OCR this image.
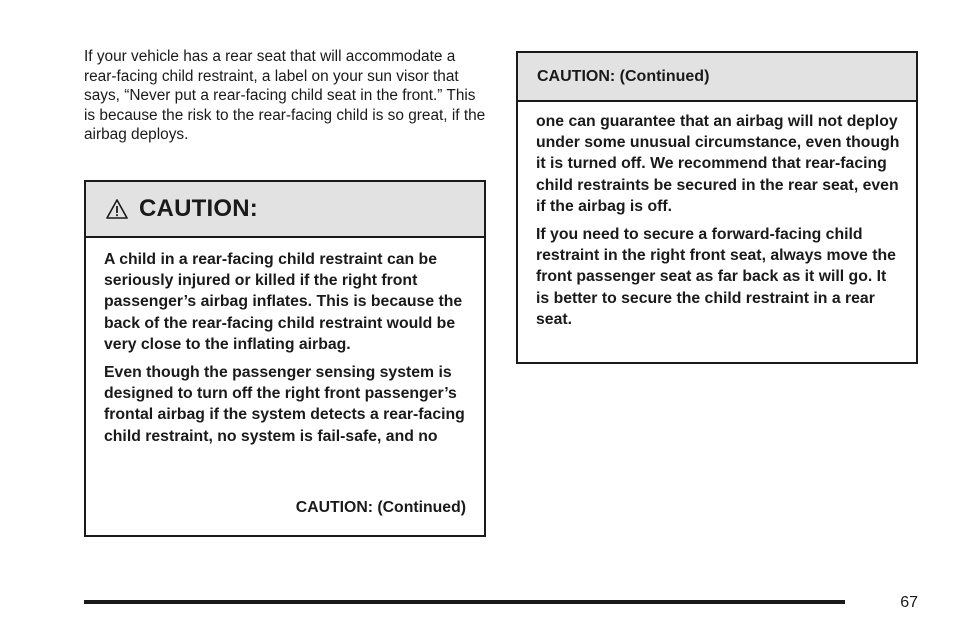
If your vehicle has a rear seat that will accommodate a rear-facing child restraint, a label on your sun visor that says, “Never put a rear-facing child seat in the front.” This is because the risk to the rear-facing child is so great, if the airbag deploys.

CAUTION:

A child in a rear-facing child restraint can be seriously injured or killed if the right front passenger’s airbag inflates. This is because the back of the rear-facing child restraint would be very close to the inflating airbag.

Even though the passenger sensing system is designed to turn off the right front passenger’s frontal airbag if the system detects a rear-facing child restraint, no system is fail-safe, and no

CAUTION: (Continued)
CAUTION: (Continued)

one can guarantee that an airbag will not deploy under some unusual circumstance, even though it is turned off. We recommend that rear-facing child restraints be secured in the rear seat, even if the airbag is off.

If you need to secure a forward-facing child restraint in the right front seat, always move the front passenger seat as far back as it will go. It is better to secure the child restraint in a rear seat.

67
